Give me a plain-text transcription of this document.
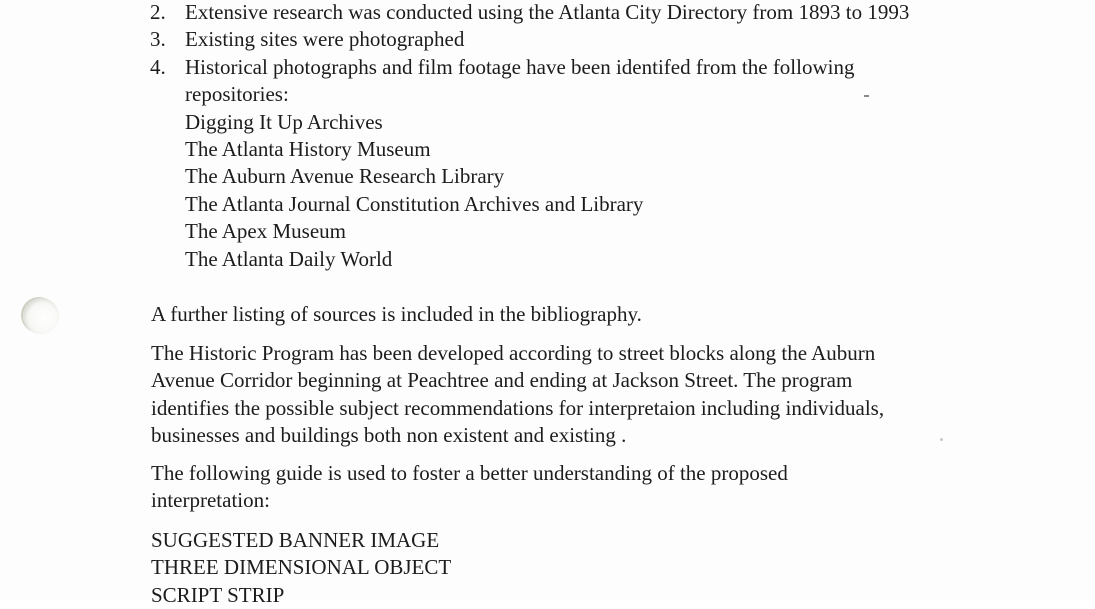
2. Extensive research was conducted using the Atlanta City Directory from 1893 to 1993
3. Existing sites were photographed
4. Historical photographs and film footage have been identifed from the following
repositories:
Digging It Up Archives
The Atlanta History Museum
The Auburn Avenue Research Library
The Atlanta Journal Constitution Archives and Library
The Apex Museum
The Atlanta Daily World
A further listing of sources is included in the bibliography.
The Historic Program has been developed according to street blocks along the Auburn
Avenue Corridor beginning at Peachtree and ending at Jackson Street. The program
identifies the possible subject recommendations for interpretaion including individuals,
businesses and buildings both non existent and existing .
The following guide is used to foster a better understanding of the proposed
interpretation:
SUGGESTED BANNER IMAGE
THREE DIMENSIONAL OBJECT
SCRIPT STRIP
